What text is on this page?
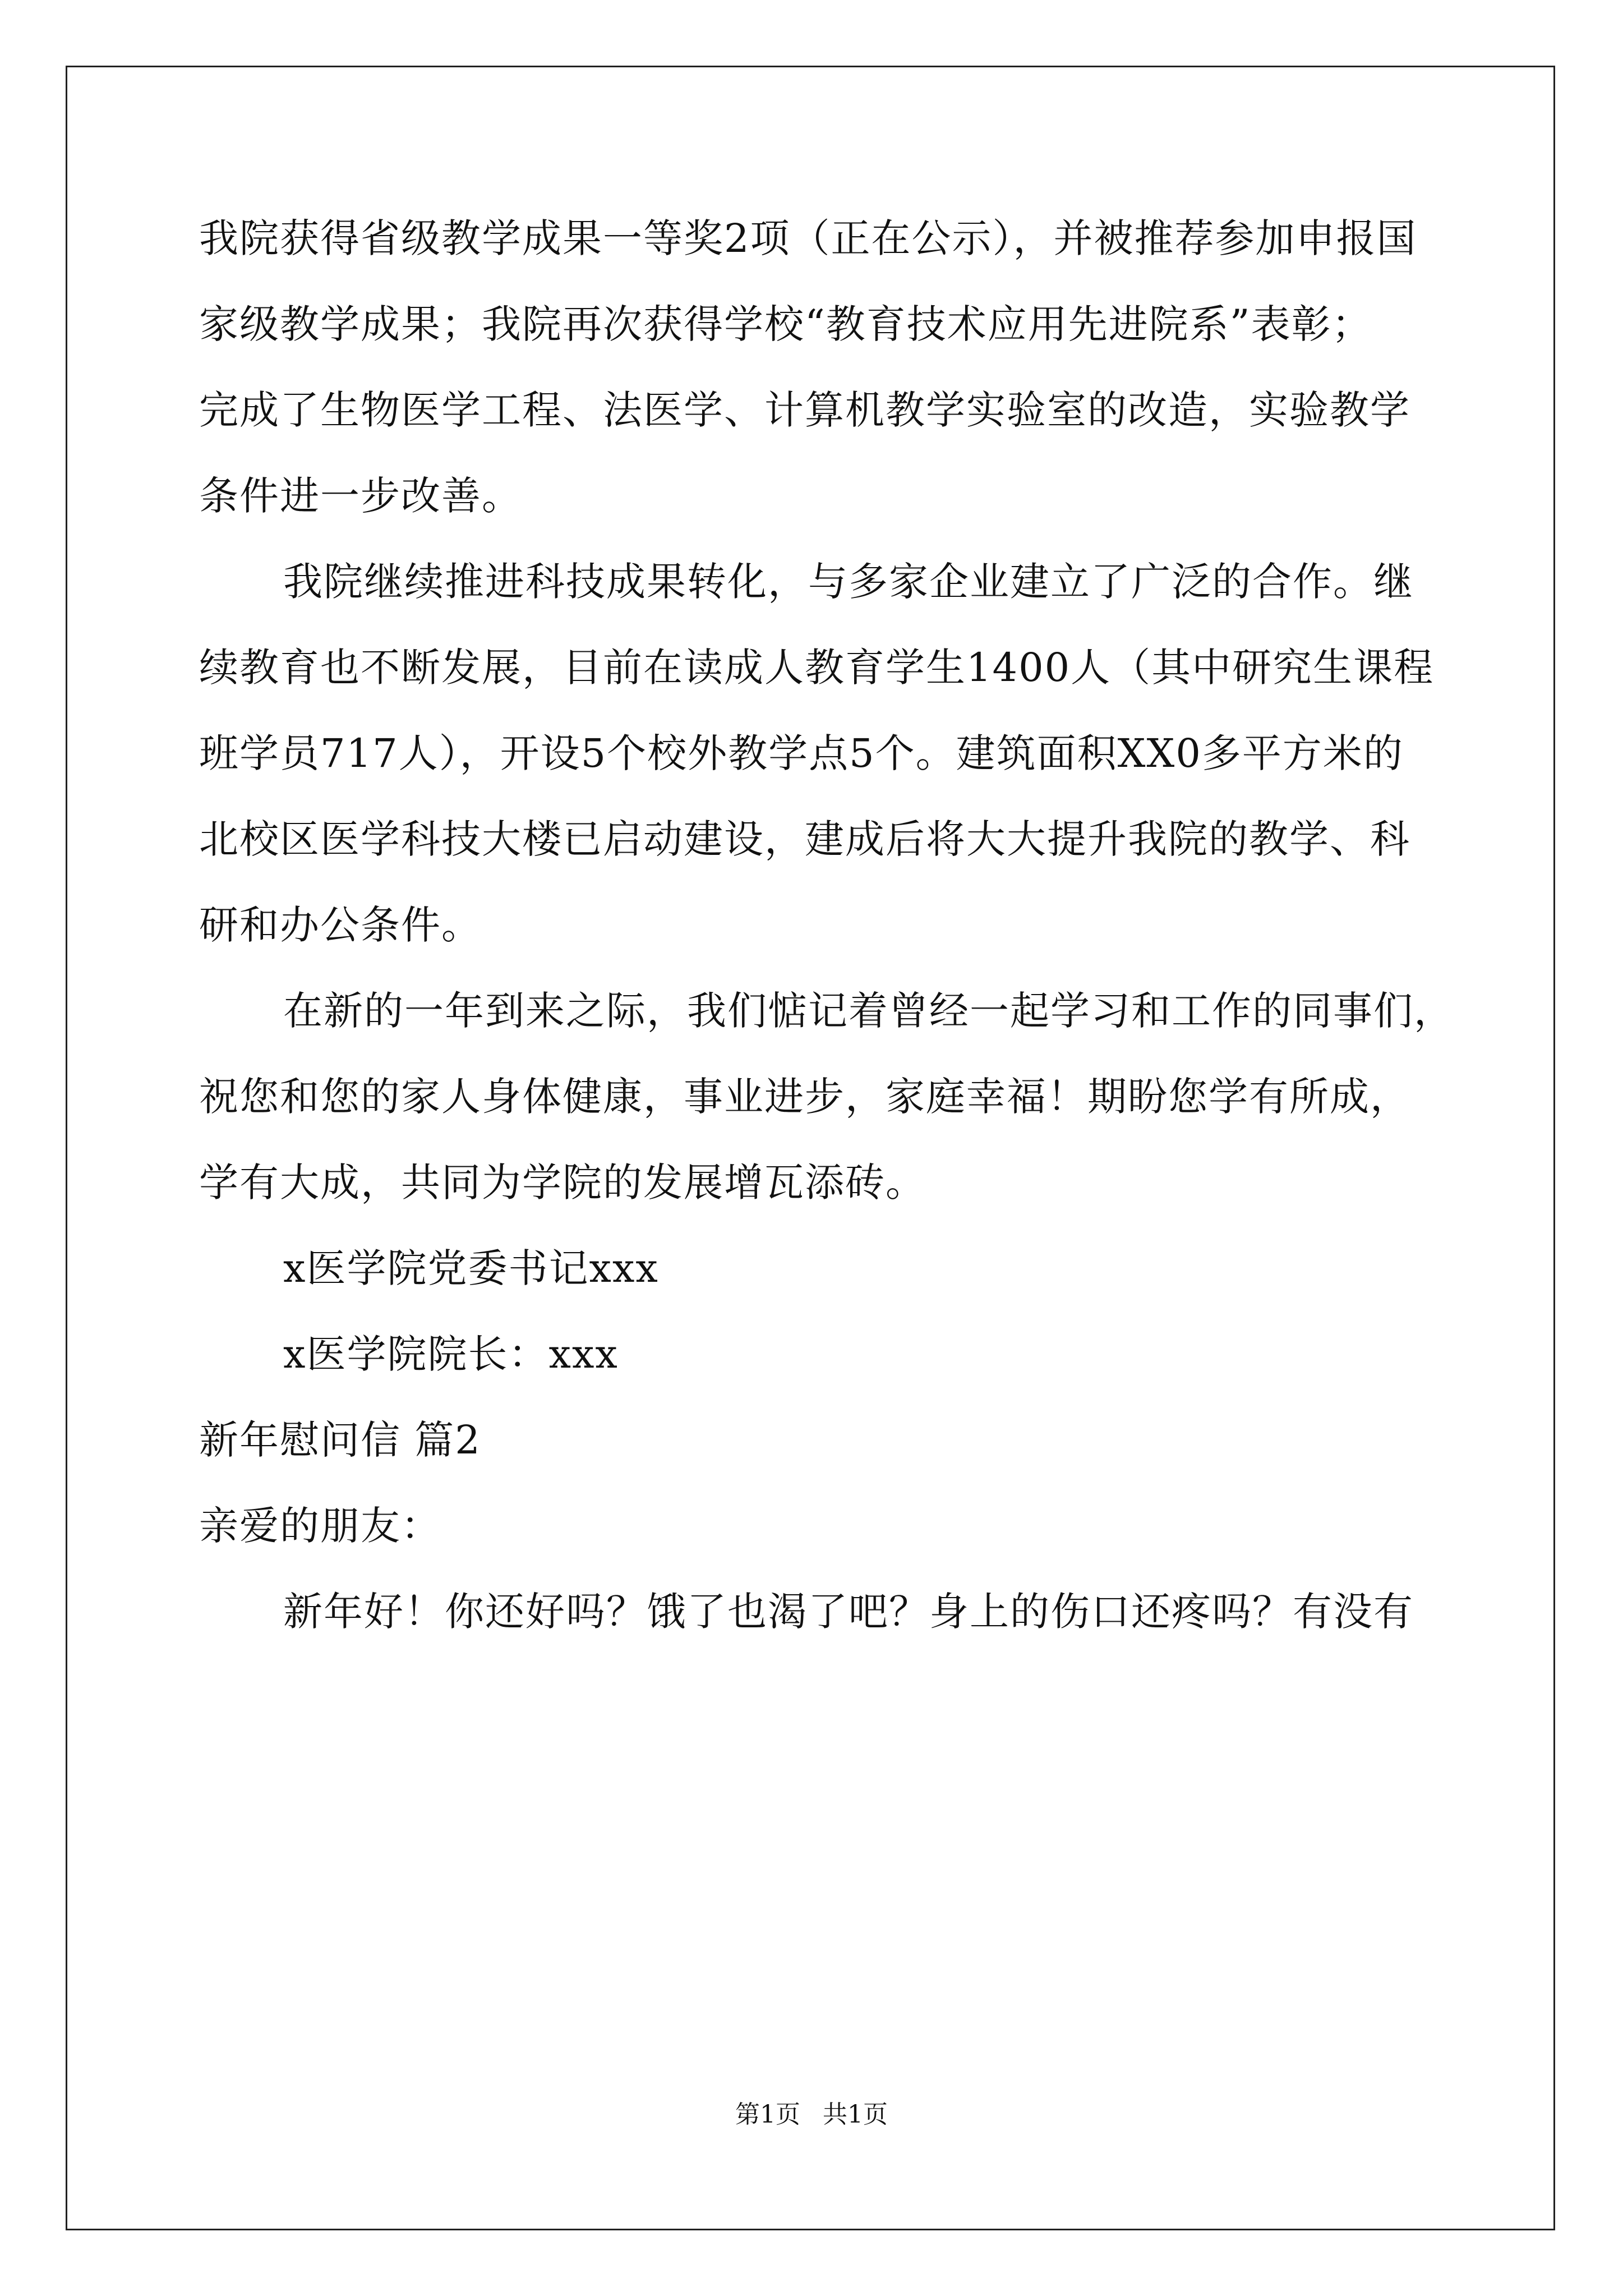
我院获得省级教学成果一等奖2项（正在公示），并被推荐参加申报国
家级教学成果；我院再次获得学校“教育技术应用先进院系”表彰；
完成了生物医学工程、法医学、计算机教学实验室的改造，实验教学
条件进一步改善。
我院继续推进科技成果转化，与多家企业建立了广泛的合作。继
续教育也不断发展，目前在读成人教育学生1400人（其中研究生课程
班学员717人），开设5个校外教学点5个。建筑面积XX0多平方米的
北校区医学科技大楼已启动建设，建成后将大大提升我院的教学、科
研和办公条件。
在新的一年到来之际，我们惦记着曾经一起学习和工作的同事们，
祝您和您的家人身体健康，事业进步，家庭幸福！期盼您学有所成，
学有大成，共同为学院的发展增瓦添砖。
x医学院党委书记xxx
x医学院院长：xxx
新年慰问信 篇2
亲爱的朋友：
新年好！你还好吗？饿了也渴了吧？身上的伤口还疼吗？有没有
第1页 共1页
